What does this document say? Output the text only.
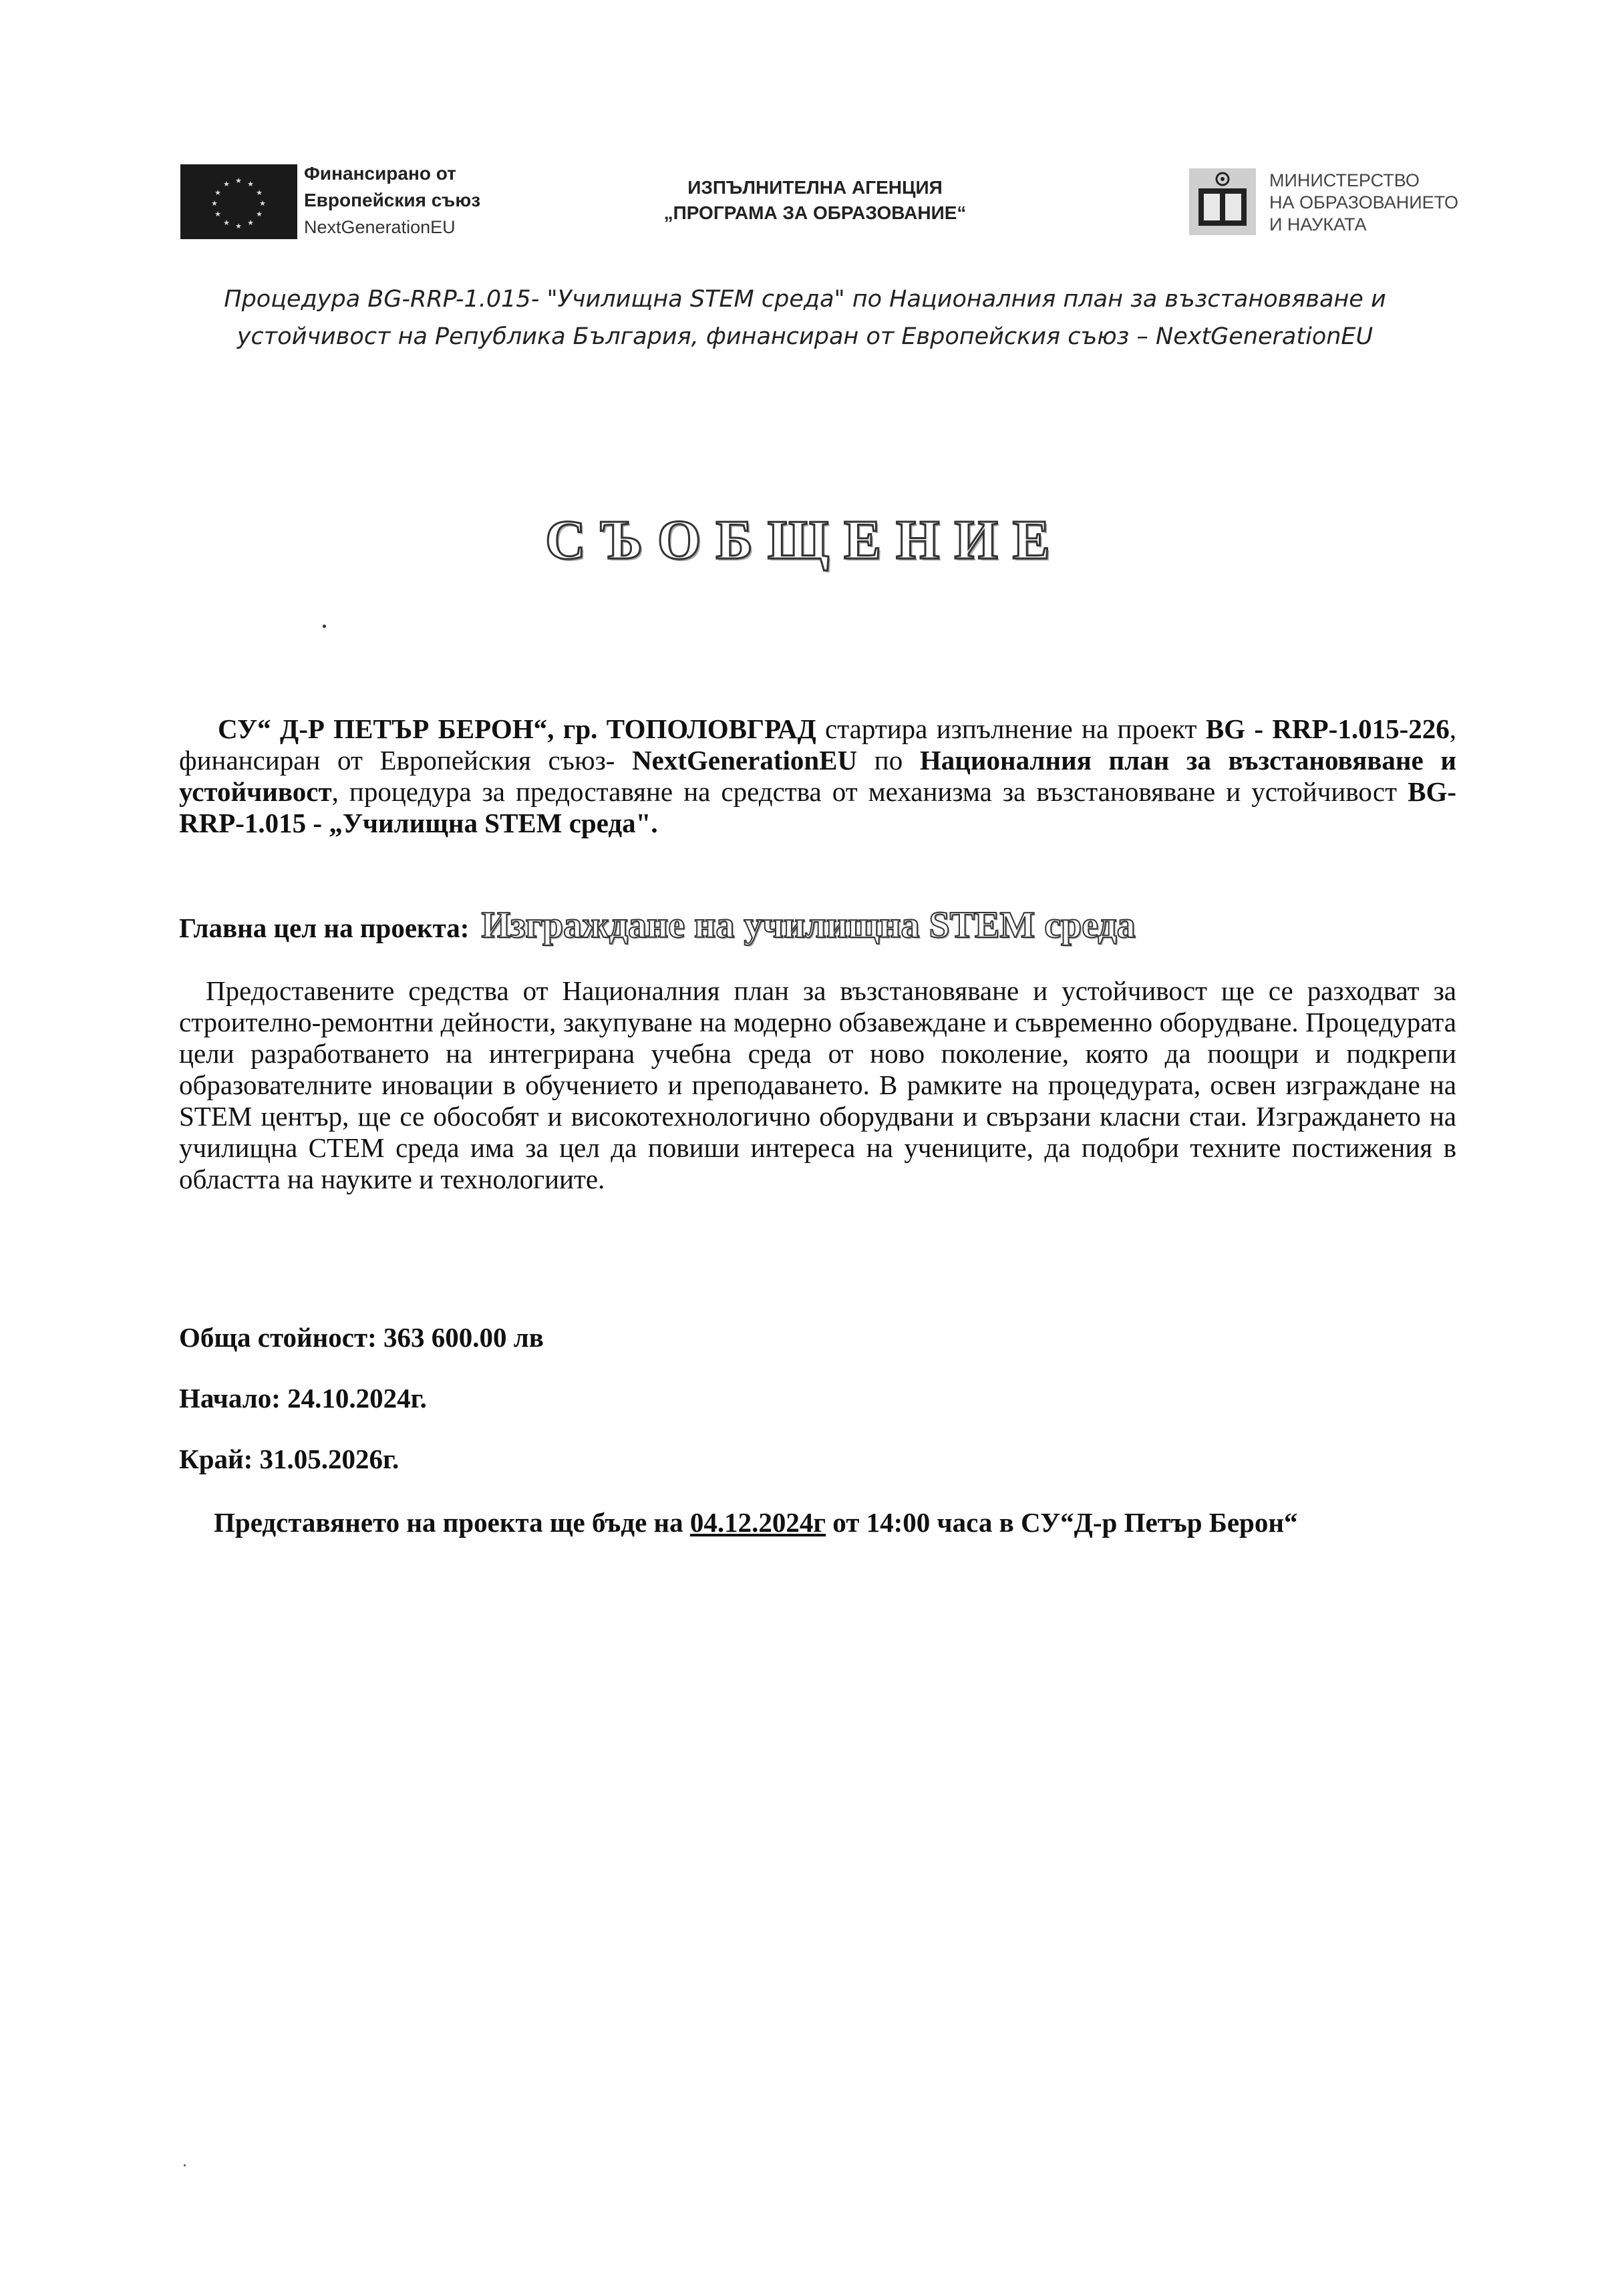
★ ★
★
★
★
★
★
★
★
★
★
★
Финансирано от
Европейския съюз
NextGenerationEU
ИЗПЪЛНИТЕЛНА АГЕНЦИЯ
„ПРОГРАМА ЗА ОБРАЗОВАНИЕ“
МИНИСТЕРСТВО
НА ОБРАЗОВАНИЕТО
И НАУКАТА
Процедура BG-RRP-1.015- "Училищна STEM среда" по Националния план за възстановяване и
устойчивост на Република България, финансиран от Европейския съюз – NextGenerationEU
СЪОБЩЕНИЕ
СУ“ Д-Р ПЕТЪР БЕРОН“, гр. ТОПОЛОВГРАД стартира изпълнение на проект BG - RRP-1.015-226, финансиран от Европейския съюз- NextGenerationEU по Националния план за възстановяване и устойчивост, процедура за предоставяне на средства от механизма за възстановяване и устойчивост BG-RRP-1.015 - „Училищна STEM среда".
Главна цел на проекта: Изграждане на училищна STEM среда
Предоставените средства от Националния план за възстановяване и устойчивост ще се разходват за строително-ремонтни дейности, закупуване на модерно обзавеждане и съвременно оборудване. Процедурата цели разработването на интегрирана учебна среда от ново поколение, която да поощри и подкрепи образователните иновации в обучението и преподаването. В рамките на процедурата, освен изграждане на STEM център, ще се обособят и високотехнологично оборудвани и свързани класни стаи. Изграждането на училищна СТЕМ среда има за цел да повиши интереса на учениците, да подобри техните постижения в областта на науките и технологиите.
Обща стойност: 363 600.00 лв
Начало: 24.10.2024г.
Край: 31.05.2026г.
Представянето на проекта ще бъде на 04.12.2024г от 14:00 часа в СУ“Д-р Петър Берон“
